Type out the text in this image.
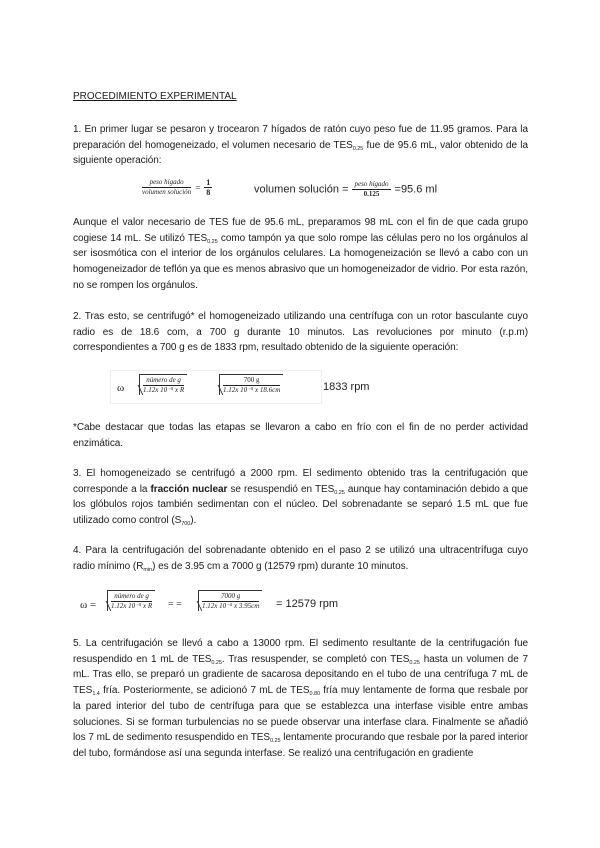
PROCEDIMIENTO EXPERIMENTAL
1. En primer lugar se pesaron y trocearon 7 hígados de ratón cuyo peso fue de 11.95 gramos. Para la preparación del homogeneizado, el volumen necesario de $TES_{0.25}$ fue de 95.6 mL, valor obtenido de la siguiente operación:
$\frac{\text{peso hígado}}{\text{volumen solución}} = \frac{1}{8}$	volumen solución = $\frac{\text{peso hígado}}{0.125} =95.6$ ml
Aunque el valor necesario de TES fue de 95.6 mL, preparamos 98 mL con el fin de que cada grupo cogiese 14 mL. Se utilizó $TES_{0.25}$ como tampón ya que solo rompe las células pero no los orgánulos al ser isosmótica con el interior de los orgánulos celulares. La homogeneización se llevó a cabo con un homogeneizador de teflón ya que es menos abrasivo que un homogeneizador de vidrio. Por esta razón, no se rompen los orgánulos.
2. Tras esto, se centrifugó* el homogeneizado utilizando una centrífuga con un rotor basculante cuyo radio es de 18.6 com, a 700 g durante 10 minutos. Las revoluciones por minuto (r.p.m) correspondientes a 700 g es de 1833 rpm, resultado obtenido de la siguiente operación:
ω	$\frac{\text{número de g}}{\text{1.12x 10⁻⁵ x R}}$	$\frac{700 g}{\text{1.12x 10⁻⁵ x 18.6cm}}$	1833 rpm
*Cabe destacar que todas las etapas se llevaron a cabo en frío con el fin de no perder actividad enzimática.
3. El homogeneizado se centrifugó a 2000 rpm. El sedimento obtenido tras la centrifugación que corresponde a la fracción nuclear se resuspendió en $TES_{0.25}$ aunque hay contaminación debido a que los glóbulos rojos también sedimentan con el núcleo. Del sobrenadante se separó 1.5 mL que fue utilizado como control $(S_{700})$.
4. Para la centrifugación del sobrenadante obtenido en el paso 2 se utilizó una ultracentrífuga cuyo radio mínimo $(R_{min})$ es de 3.95 cm a 7000 g (12579 rpm) durante 10 minutos.
$\omega = \frac{\text{número de g}}{\text{1.12x 10⁻⁵ x R}}$ = =	$\frac{7000 g}{\text{1.12x 10⁻⁵ x 3.95cm}} = 12579$ rpm
5. La centrifugación se llevó a cabo a 13000 rpm. El sedimento resultante de la centrifugación fue resuspendido en 1 mL de $TES_{0.25}$. Tras resuspender, se completó con $TES_{0.25}$ hasta un volumen de 7 mL. Tras ello, se preparó un gradiente de sacarosa depositando en el tubo de una centrífuga 7 mL de $TES_{1.4}$ fría. Posteriormente, se adicionó 7 mL de $TES_{0.80}$ fría muy lentamente de forma que resbale por la pared interior del tubo de centrífuga para que se establezca una interfase visible entre ambas soluciones. Si se forman turbulencias no se puede observar una interfase clara. Finalmente se añadió los 7 mL de sedimento resuspendido en $TES_{0.25}$ lentamente procurando que resbale por la pared interior del tubo, formándose así una segunda interfase. Se realizó una centrifugación en gradiente
